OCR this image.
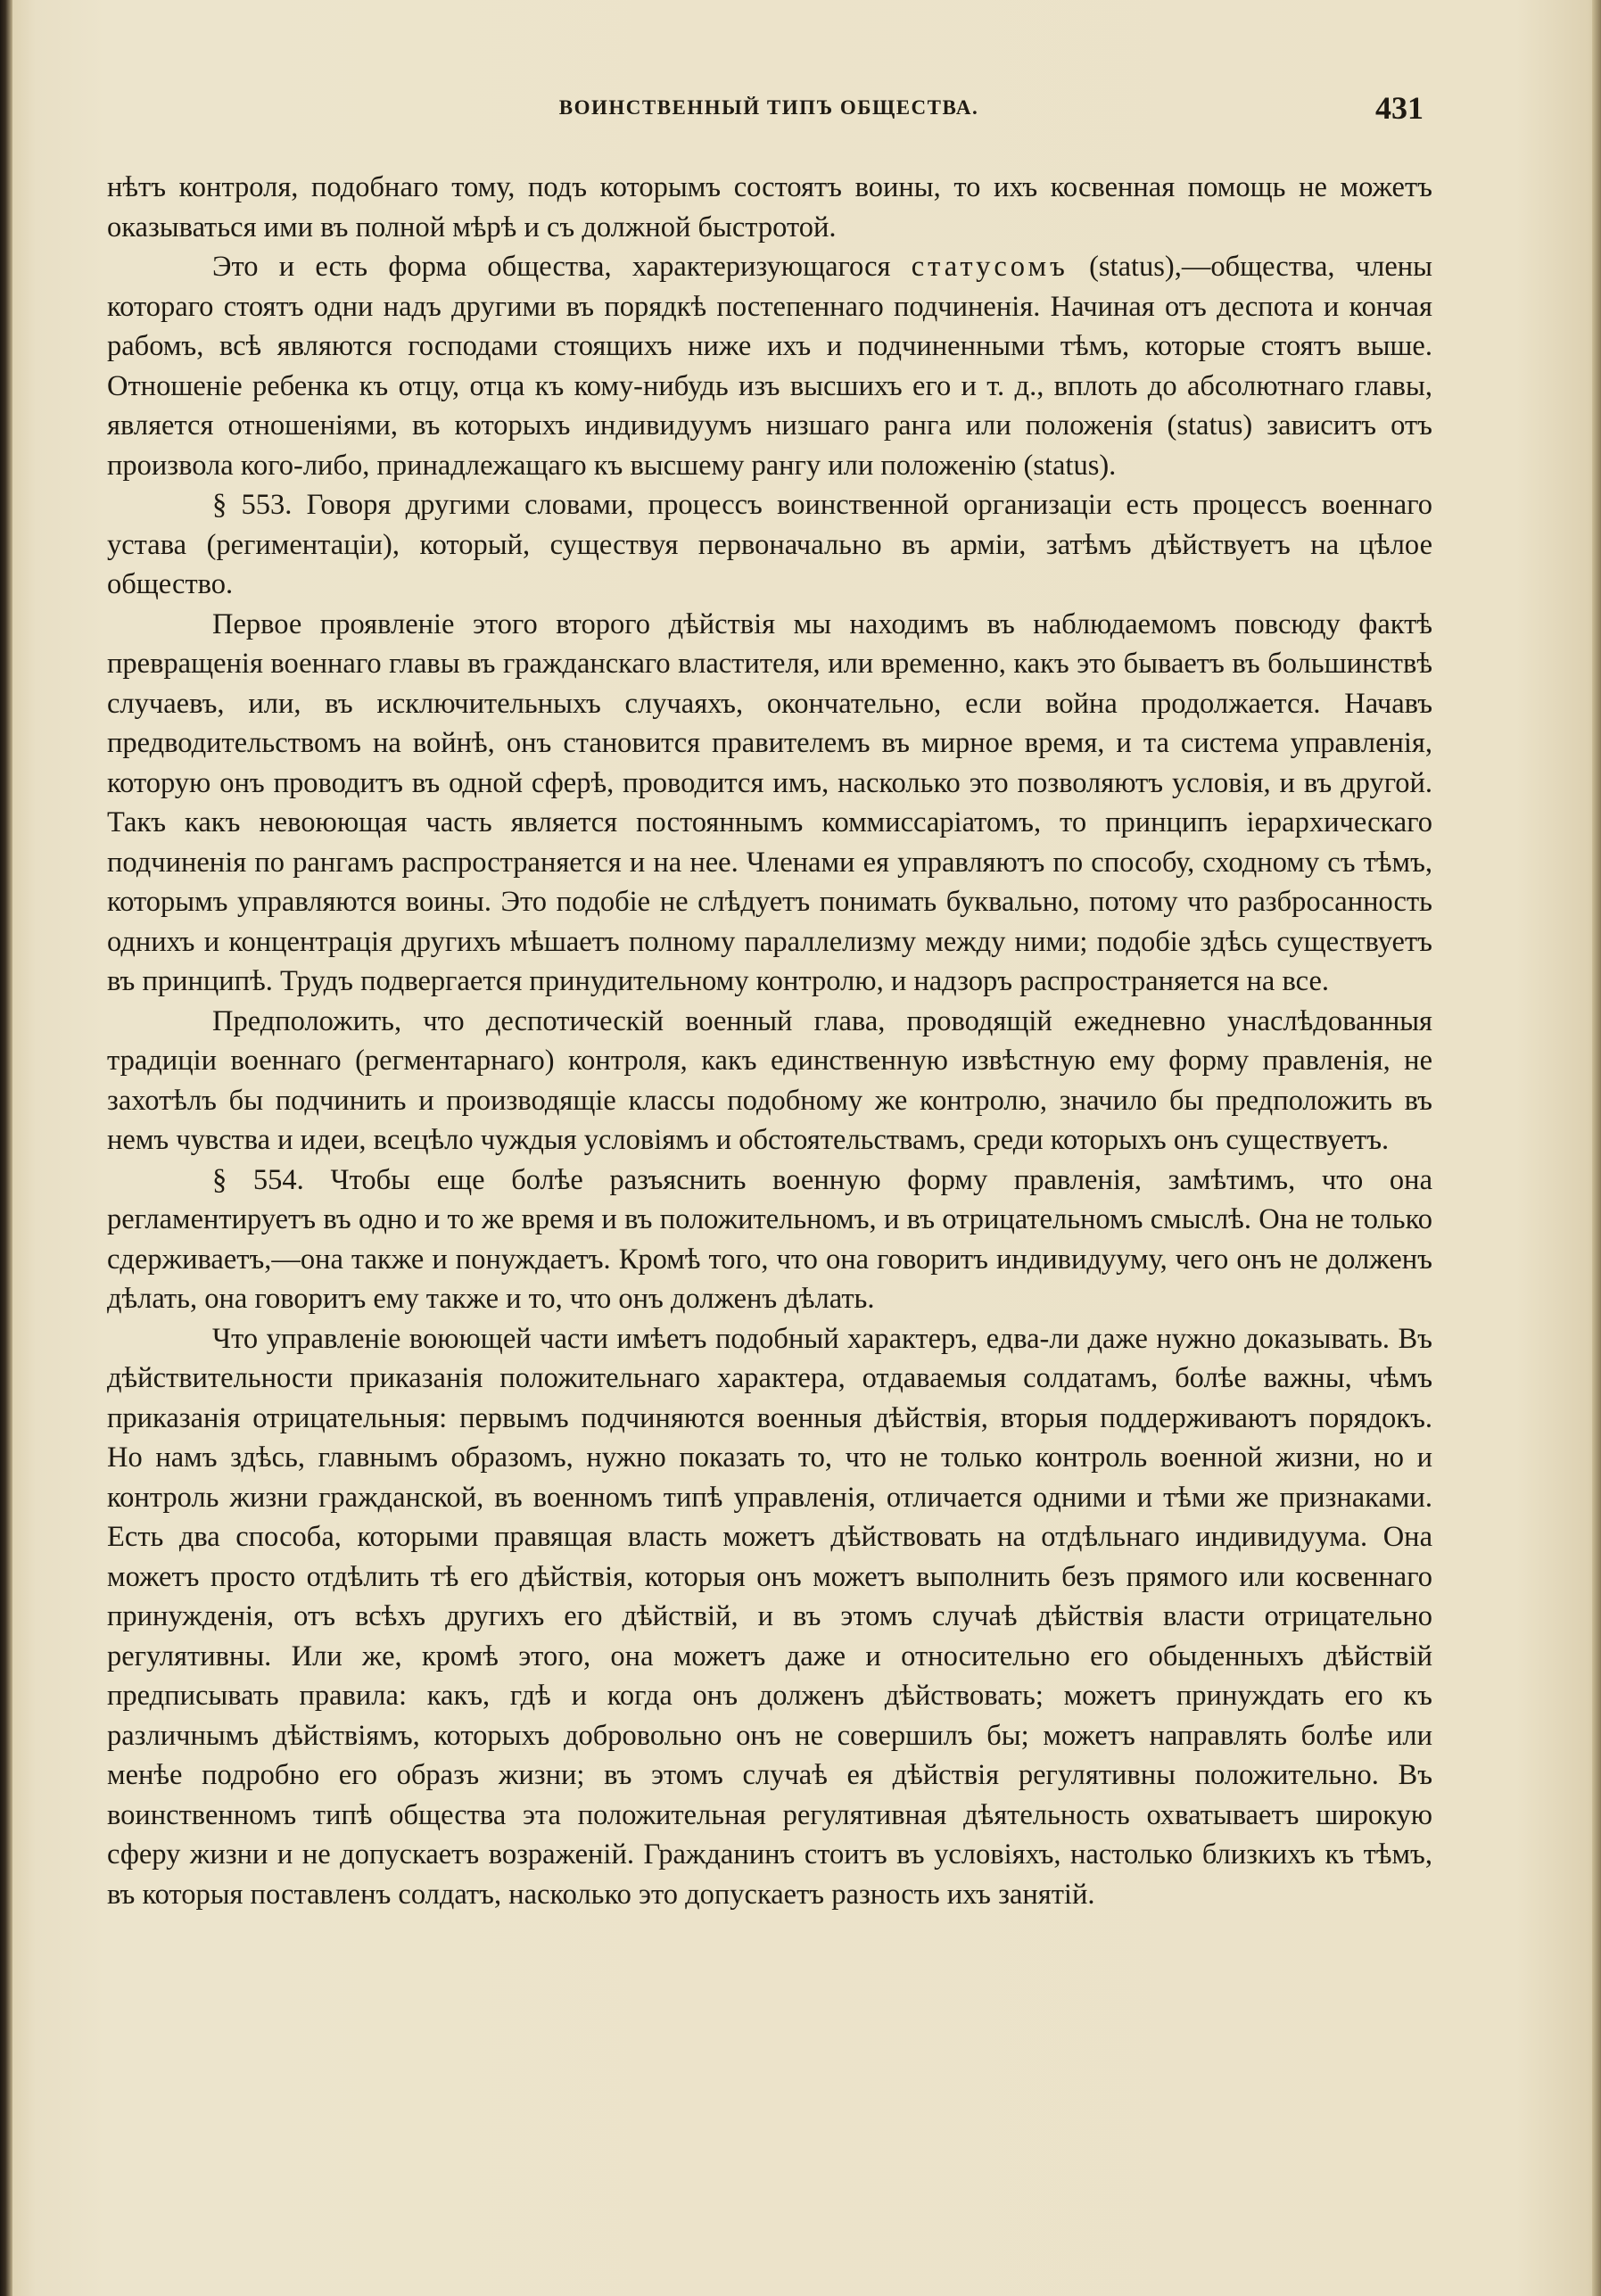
ВОИНСТВЕННЫЙ ТИПЪ ОБЩЕСТВА.	431

нѣтъ контроля, подобнаго тому, подъ которымъ состоятъ воины, то ихъ косвенная помощь не можетъ оказываться ими въ полной мѣрѣ и съ должной быстротой.

Это и есть форма общества, характеризующагося статусомъ (status),—общества, члены котораго стоятъ одни надъ другими въ порядкѣ постепеннаго подчиненія. Начиная отъ деспота и кончая рабомъ, всѣ являются господами стоящихъ ниже ихъ и подчиненными тѣмъ, которые стоятъ выше. Отношеніе ребенка къ отцу, отца къ кому-нибудь изъ высшихъ его и т. д., вплоть до абсолютнаго главы, является отношеніями, въ которыхъ индивидуумъ низшаго ранга или положенія (status) зависитъ отъ произвола кого-либо, принадлежащаго къ высшему рангу или положенію (status).

§ 553. Говоря другими словами, процессъ воинственной организаціи есть процессъ военнаго устава (региментаціи), который, существуя первоначально въ арміи, затѣмъ дѣйствуетъ на цѣлое общество.

Первое проявленіе этого второго дѣйствія мы находимъ въ наблюдаемомъ повсюду фактѣ превращенія военнаго главы въ гражданскаго властителя, или временно, какъ это бываетъ въ большинствѣ случаевъ, или, въ исключительныхъ случаяхъ, окончательно, если война продолжается. Начавъ предводительствомъ на войнѣ, онъ становится правителемъ въ мирное время, и та система управленія, которую онъ проводитъ въ одной сферѣ, проводится имъ, насколько это позволяютъ условія, и въ другой. Такъ какъ невоюющая часть является постояннымъ коммиссаріатомъ, то принципъ іерархическаго подчиненія по рангамъ распространяется и на нее. Членами ея управляютъ по способу, сходному съ тѣмъ, которымъ управляются воины. Это подобіе не слѣдуетъ понимать буквально, потому что разбросанность однихъ и концентрація другихъ мѣшаетъ полному параллелизму между ними; подобіе здѣсь существуетъ въ принципѣ. Трудъ подвергается принудительному контролю, и надзоръ распространяется на все.

Предположить, что деспотическій военный глава, проводящій ежедневно унаслѣдованныя традиціи военнаго (регментарнаго) контроля, какъ единственную извѣстную ему форму правленія, не захотѣлъ бы подчинить и производящіе классы подобному же контролю, значило бы предположить въ немъ чувства и идеи, всецѣло чуждыя условіямъ и обстоятельствамъ, среди которыхъ онъ существуетъ.

§ 554. Чтобы еще болѣе разъяснить военную форму правленія, замѣтимъ, что она регламентируетъ въ одно и то же время и въ положительномъ, и въ отрицательномъ смыслѣ. Она не только сдерживаетъ,—она также и понуждаетъ. Кромѣ того, что она говоритъ индивидууму, чего онъ не долженъ дѣлать, она говоритъ ему также и то, что онъ долженъ дѣлать.

Что управленіе воюющей части имѣетъ подобный характеръ, едва-ли даже нужно доказывать. Въ дѣйствительности приказанія положительнаго характера, отдаваемыя солдатамъ, болѣе важны, чѣмъ приказанія отрицательныя: первымъ подчиняются военныя дѣйствія, вторыя поддерживаютъ порядокъ. Но намъ здѣсь, главнымъ образомъ, нужно показать то, что не только контроль военной жизни, но и контроль жизни гражданской, въ военномъ типѣ управленія, отличается одними и тѣми же признаками. Есть два способа, которыми правящая власть можетъ дѣйствовать на отдѣльнаго индивидуума. Она можетъ просто отдѣлить тѣ его дѣйствія, которыя онъ можетъ выполнить безъ прямого или косвеннаго принужденія, отъ всѣхъ другихъ его дѣйствій, и въ этомъ случаѣ дѣйствія власти отрицательно регулятивны. Или же, кромѣ этого, она можетъ даже и относительно его обыденныхъ дѣйствій предписывать правила: какъ, гдѣ и когда онъ долженъ дѣйствовать; можетъ принуждать его къ различнымъ дѣйствіямъ, которыхъ добровольно онъ не совершилъ бы; можетъ направлять болѣе или менѣе подробно его образъ жизни; въ этомъ случаѣ ея дѣйствія регулятивны положительно. Въ воинственномъ типѣ общества эта положительная регулятивная дѣятельность охватываетъ широкую сферу жизни и не допускаетъ возраженій. Гражданинъ стоитъ въ условіяхъ, настолько близкихъ къ тѣмъ, въ которыя поставленъ солдатъ, насколько это допускаетъ разность ихъ занятій.
